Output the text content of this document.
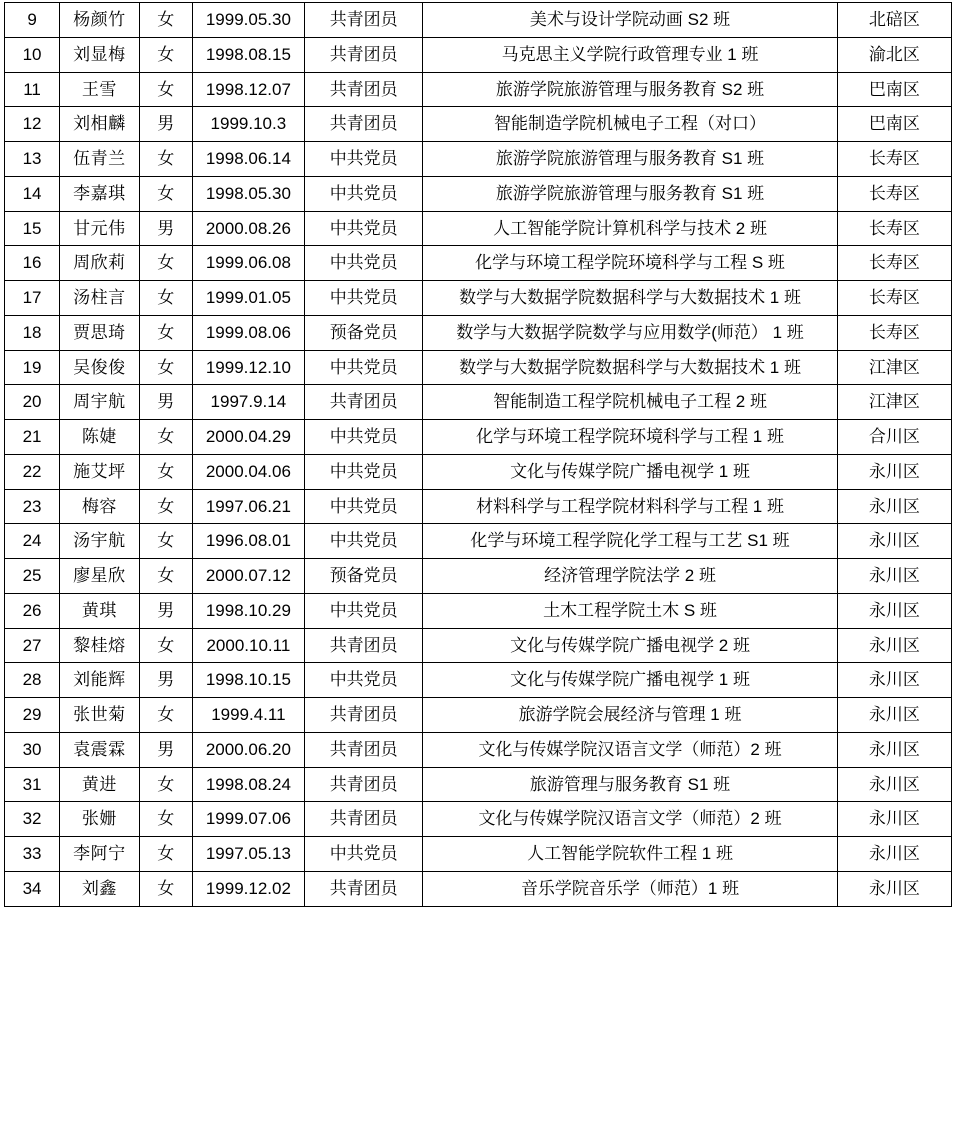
9	杨颜竹	女	1999.05.30	共青团员	美术与设计学院动画 S2 班	北碚区
10	刘显梅	女	1998.08.15	共青团员	马克思主义学院行政管理专业 1 班	渝北区
11	王雪	女	1998.12.07	共青团员	旅游学院旅游管理与服务教育 S2 班	巴南区
12	刘相麟	男	1999.10.3	共青团员	智能制造学院机械电子工程（对口）	巴南区
13	伍青兰	女	1998.06.14	中共党员	旅游学院旅游管理与服务教育 S1 班	长寿区
14	李嘉琪	女	1998.05.30	中共党员	旅游学院旅游管理与服务教育 S1 班	长寿区
15	甘元伟	男	2000.08.26	中共党员	人工智能学院计算机科学与技术 2 班	长寿区
16	周欣莉	女	1999.06.08	中共党员	化学与环境工程学院环境科学与工程 S 班	长寿区
17	汤柱言	女	1999.01.05	中共党员	数学与大数据学院数据科学与大数据技术 1 班	长寿区
18	贾思琦	女	1999.08.06	预备党员	数学与大数据学院数学与应用数学(师范） 1 班	长寿区
19	吴俊俊	女	1999.12.10	中共党员	数学与大数据学院数据科学与大数据技术 1 班	江津区
20	周宇航	男	1997.9.14	共青团员	智能制造工程学院机械电子工程 2 班	江津区
21	陈婕	女	2000.04.29	中共党员	化学与环境工程学院环境科学与工程 1 班	合川区
22	施艾坪	女	2000.04.06	中共党员	文化与传媒学院广播电视学 1 班	永川区
23	梅容	女	1997.06.21	中共党员	材料科学与工程学院材料科学与工程 1 班	永川区
24	汤宇航	女	1996.08.01	中共党员	化学与环境工程学院化学工程与工艺 S1 班	永川区
25	廖星欣	女	2000.07.12	预备党员	经济管理学院法学 2 班	永川区
26	黄琪	男	1998.10.29	中共党员	土木工程学院土木 S 班	永川区
27	黎桂熔	女	2000.10.11	共青团员	文化与传媒学院广播电视学 2 班	永川区
28	刘能辉	男	1998.10.15	中共党员	文化与传媒学院广播电视学 1 班	永川区
29	张世菊	女	1999.4.11	共青团员	旅游学院会展经济与管理 1 班	永川区
30	袁震霖	男	2000.06.20	共青团员	文化与传媒学院汉语言文学（师范）2 班	永川区
31	黄进	女	1998.08.24	共青团员	旅游管理与服务教育 S1 班	永川区
32	张姗	女	1999.07.06	共青团员	文化与传媒学院汉语言文学（师范）2 班	永川区
33	李阿宁	女	1997.05.13	中共党员	人工智能学院软件工程 1 班	永川区
34	刘鑫	女	1999.12.02	共青团员	音乐学院音乐学（师范）1 班	永川区
